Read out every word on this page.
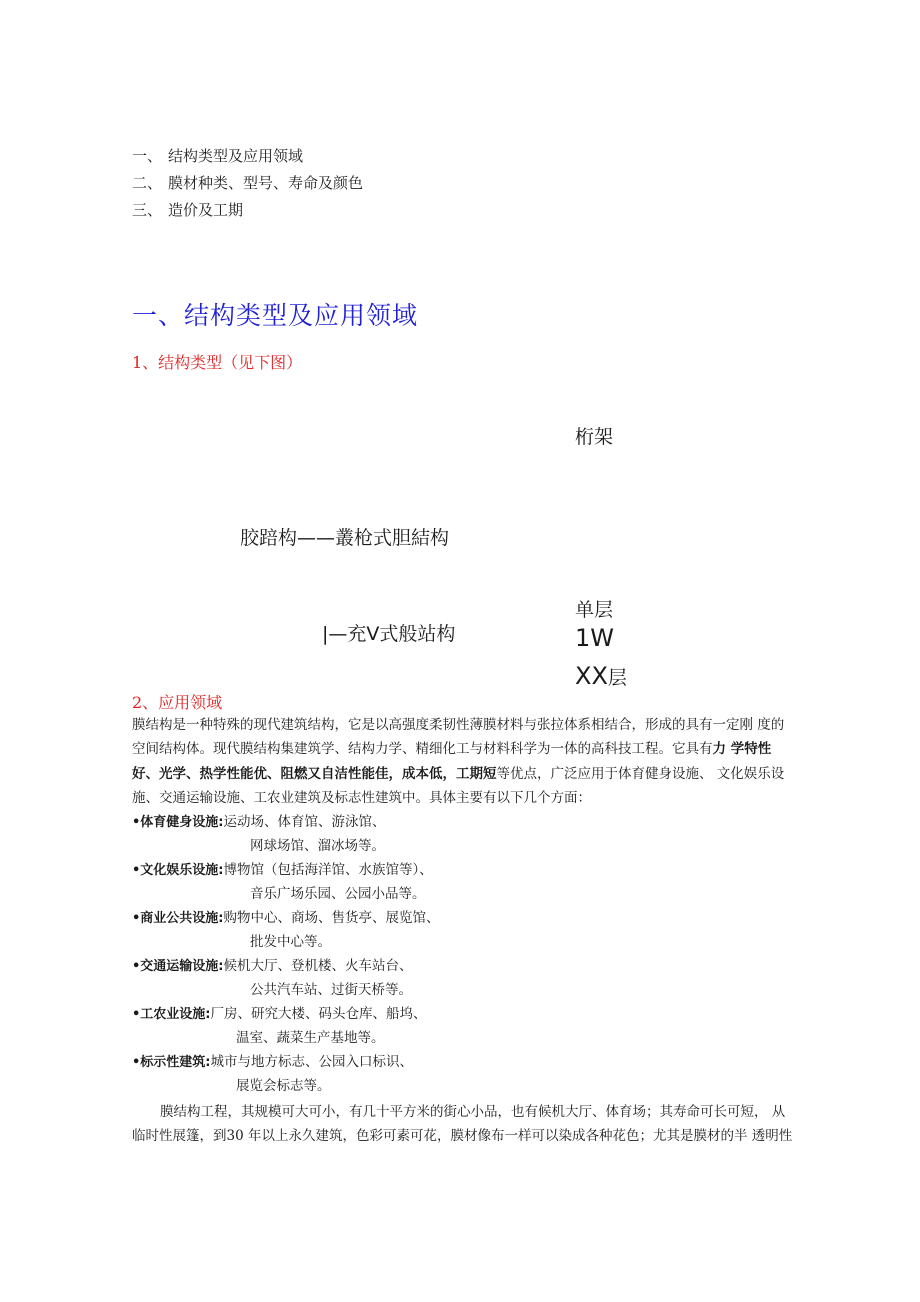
一、 结构类型及应用领域
二、 膜材种类、型号、寿命及颜色
三、 造价及工期
一、结构类型及应用领域
1、结构类型（见下图）
桁架
胶踣构——叢枪式胆結构
单层
|—充V式般站构	1W
XX层
2、应用领域
膜结构是一种特殊的现代建筑结构，它是以高强度柔韧性薄膜材料与张拉体系相结合，形成的具有一定刚 度的
空间结构体。现代膜结构集建筑学、结构力学、精细化工与材料科学为一体的高科技工程。它具有力 学特性
好、光学、热学性能优、阻燃又自洁性能佳，成本低，工期短等优点，广泛应用于体育健身设施、 文化娱乐设
施、交通运输设施、工农业建筑及标志性建筑中。具体主要有以下几个方面：
•体育健身设施:运动场、体育馆、游泳馆、
网球场馆、溜冰场等。
•文化娱乐设施:博物馆（包括海洋馆、水族馆等）、
音乐广场乐园、公园小品等。
•商业公共设施:购物中心、商场、售货亭、展览馆、
批发中心等。
•交通运输设施:候机大厅、登机楼、火车站台、
公共汽车站、过街天桥等。
•工农业设施:厂房、研究大楼、码头仓库、船坞、
温室、蔬菜生产基地等。
•标示性建筑:城市与地方标志、公园入口标识、
展览会标志等。
膜结构工程，其规模可大可小，有几十平方米的街心小品，也有候机大厅、体育场；其寿命可长可短， 从
临时性展篷，到30 年以上永久建筑，色彩可素可花，膜材像布一样可以染成各种花色；尤其是膜材的半 透明性
